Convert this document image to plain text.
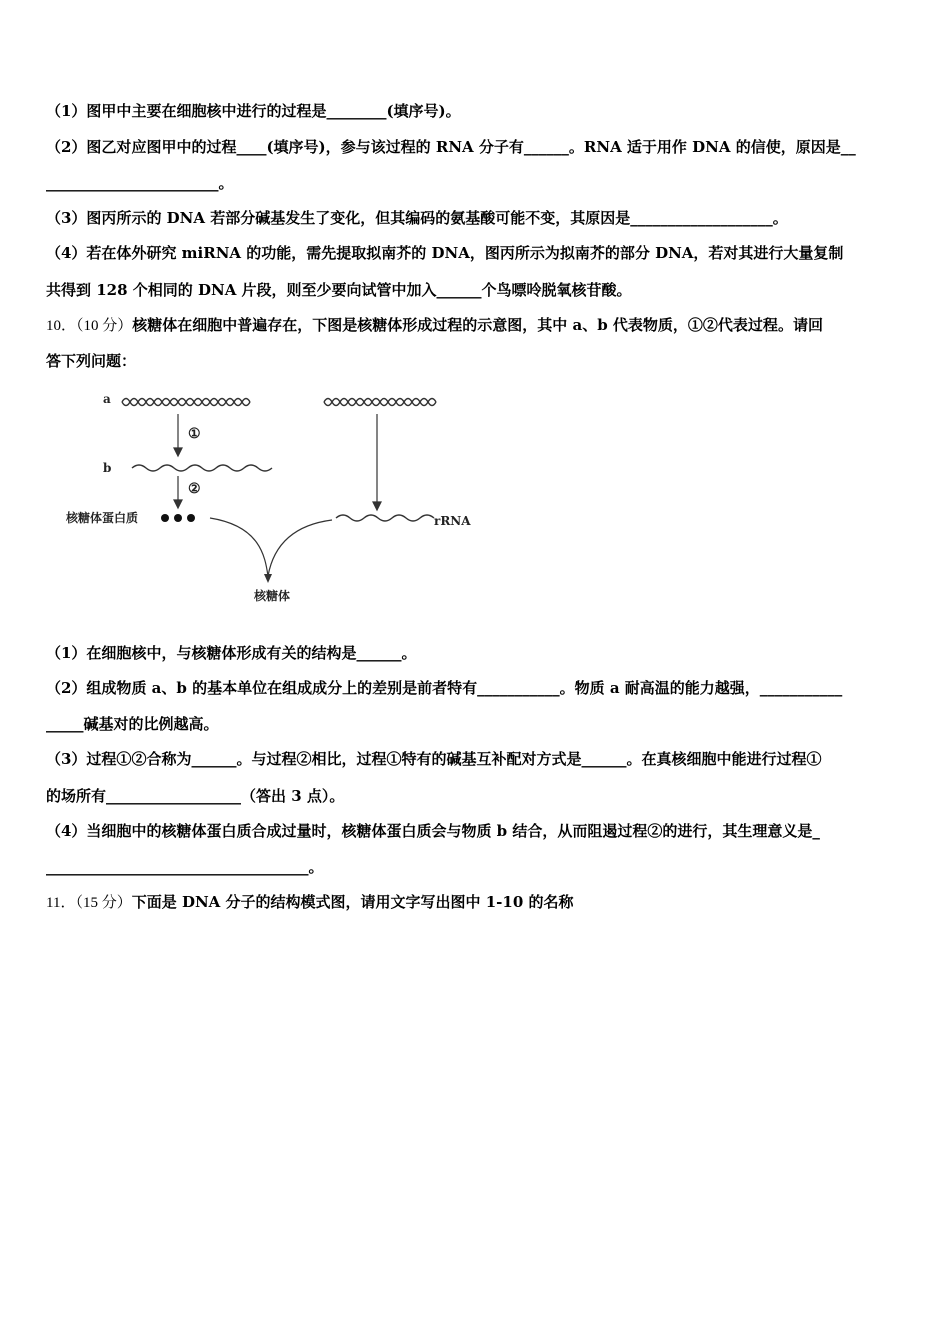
（1）图甲中主要在细胞核中进行的过程是________(填序号)。
（2）图乙对应图甲中的过程____(填序号)，参与该过程的 RNA 分子有______。RNA 适于用作 DNA 的信使，原因是__
_______________________。
（3）图丙所示的 DNA 若部分碱基发生了变化，但其编码的氨基酸可能不变，其原因是___________________。
（4）若在体外研究 miRNA 的功能，需先提取拟南芥的 DNA，图丙所示为拟南芥的部分 DNA，若对其进行大量复制
共得到 128 个相同的 DNA 片段，则至少要向试管中加入______个鸟嘌呤脱氧核苷酸。
10．（10 分）核糖体在细胞中普遍存在，下图是核糖体形成过程的示意图，其中 a、b 代表物质，①②代表过程。请回
答下列问题：
a
①
b
②
核糖体蛋白质	rRNA
核糖体
（1）在细胞核中，与核糖体形成有关的结构是______。
（2）组成物质 a、b 的基本单位在组成成分上的差别是前者特有___________。物质 a 耐高温的能力越强，___________
_____碱基对的比例越高。
（3）过程①②合称为______。与过程②相比，过程①特有的碱基互补配对方式是______。在真核细胞中能进行过程①
的场所有__________________（答出 3 点）。
（4）当细胞中的核糖体蛋白质合成过量时，核糖体蛋白质会与物质 b 结合，从而阻遏过程②的进行，其生理意义是_
___________________________________。
11．（15 分）下面是 DNA 分子的结构模式图，请用文字写出图中 1-10 的名称
